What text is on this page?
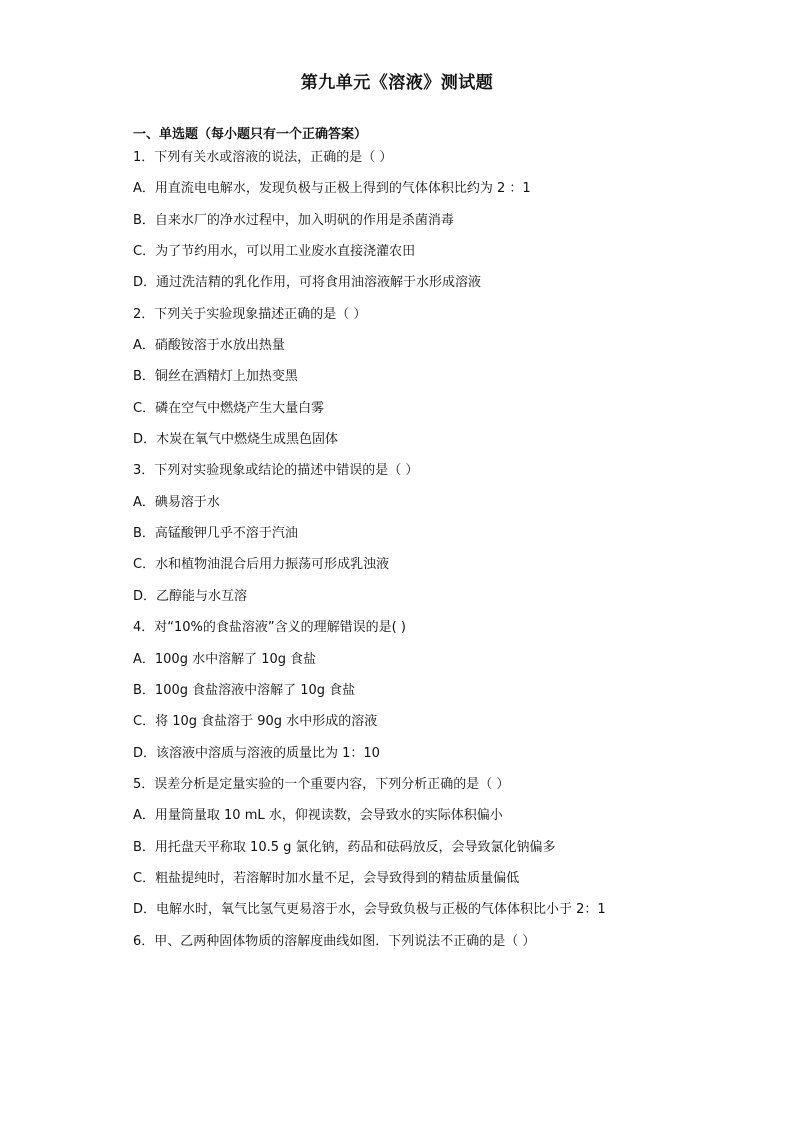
第九单元《溶液》测试题
一、单选题（每小题只有一个正确答案）
1．下列有关水或溶液的说法，正确的是（ ）
A．用直流电电解水，发现负极与正极上得到的气体体积比约为 2 ：1
B．自来水厂的净水过程中，加入明矾的作用是杀菌消毒
C．为了节约用水，可以用工业废水直接浇灌农田
D．通过洗洁精的乳化作用，可将食用油溶液解于水形成溶液
2．下列关于实验现象描述正确的是（ ）
A．硝酸铵溶于水放出热量
B．铜丝在酒精灯上加热变黑
C．磷在空气中燃烧产生大量白雾
D．木炭在氧气中燃烧生成黑色固体
3．下列对实验现象或结论的描述中错误的是（ ）
A．碘易溶于水
B．高锰酸钾几乎不溶于汽油
C．水和植物油混合后用力振荡可形成乳浊液
D．乙醇能与水互溶
4．对“10%的食盐溶液”含义的理解错误的是( )
A．100g 水中溶解了 10g 食盐
B．100g 食盐溶液中溶解了 10g 食盐
C．将 10g 食盐溶于 90g 水中形成的溶液
D．该溶液中溶质与溶液的质量比为 1：10
5．误差分析是定量实验的一个重要内容，下列分析正确的是（ ）
A．用量筒量取 10 mL 水，仰视读数，会导致水的实际体积偏小
B．用托盘天平称取 10.5 g 氯化钠，药品和砝码放反，会导致氯化钠偏多
C．粗盐提纯时，若溶解时加水量不足，会导致得到的精盐质量偏低
D．电解水时，氧气比氢气更易溶于水，会导致负极与正极的气体体积比小于 2：1
6．甲、乙两种固体物质的溶解度曲线如图．下列说法不正确的是（ ）
